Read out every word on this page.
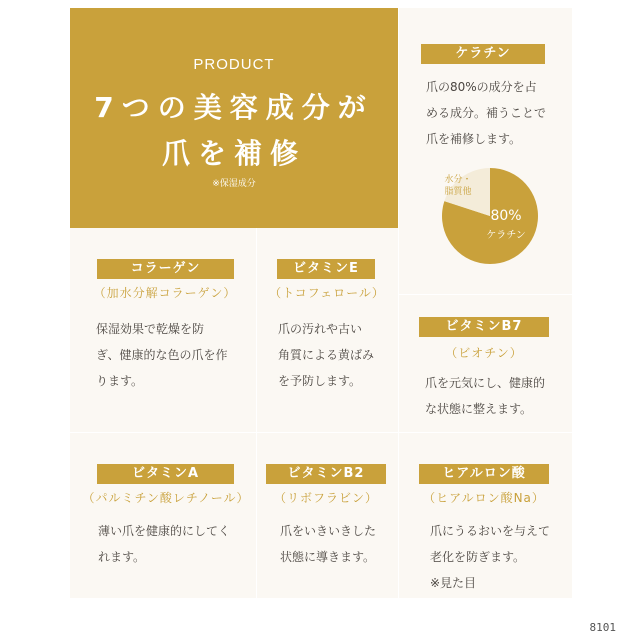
PRODUCT
7つの美容成分が
爪を補修
※保湿成分
ケラチン

爪の80%の成分を占

める成分。補うことで

爪を補修します。

水分・
脂質他
80%
ケラチン
コラーゲン
（加水分解コラーゲン）

保湿効果で乾燥を防

ぎ、健康的な色の爪を作

ります。

ビタミンE
（トコフェロール）

爪の汚れや古い

角質による黄ばみ

を予防します。

ビタミンB7
（ビオチン）

爪を元気にし、健康的

な状態に整えます。

ビタミンA
（パルミチン酸レチノール）

薄い爪を健康的にしてく

れます。

ビタミンB2
（リボフラビン）

爪をいきいきした

状態に導きます。

ヒアルロン酸
（ヒアルロン酸Na）

爪にうるおいを与えて

老化を防ぎます。

※見た目

8101
